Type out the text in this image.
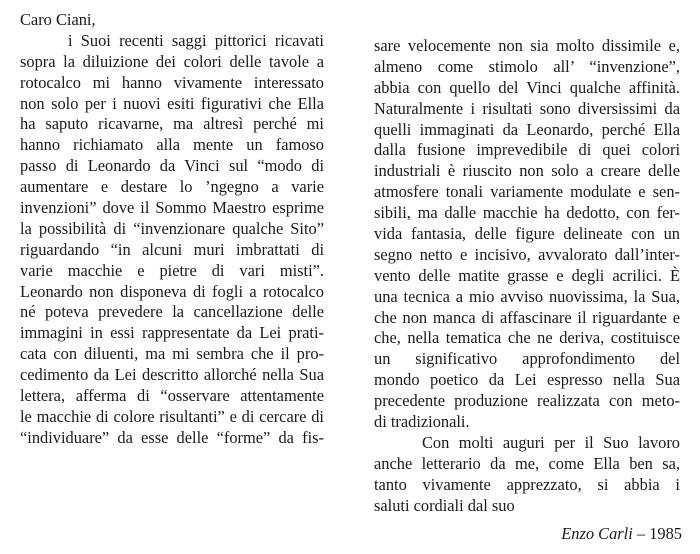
Caro Ciani,
i Suoi recenti saggi pittorici ricavati
sopra la diluizione dei colori delle tavole a
rotocalco mi hanno vivamente interessato
non solo per i nuovi esiti figurativi che Ella
ha saputo ricavarne, ma altresì perché mi
hanno richiamato alla mente un famoso
passo di Leonardo da Vinci sul “modo di
aumentare e destare lo ’ngegno a varie
invenzioni” dove il Sommo Maestro esprime
la possibilità di “invenzionare qualche Sito”
riguardando “in alcuni muri imbrattati di
varie macchie e pietre di vari misti”.
Leonardo non disponeva di fogli a rotocalco
né poteva prevedere la cancellazione delle
immagini in essi rappresentate da Lei prati-
cata con diluenti, ma mi sembra che il pro-
cedimento da Lei descritto allorché nella Sua
lettera, afferma di “osservare attentamente
le macchie di colore risultanti” e di cercare di
“individuare” da esse delle “forme” da fis-
sare velocemente non sia molto dissimile e,
almeno come stimolo all’ “invenzione”,
abbia con quello del Vinci qualche affinità.
Naturalmente i risultati sono diversissimi da
quelli immaginati da Leonardo, perché Ella
dalla fusione imprevedibile di quei colori
industriali è riuscito non solo a creare delle
atmosfere tonali variamente modulate e sen-
sibili, ma dalle macchie ha dedotto, con fer-
vida fantasia, delle figure delineate con un
segno netto e incisivo, avvalorato dall’inter-
vento delle matite grasse e degli acrilici. È
una tecnica a mio avviso nuovissima, la Sua,
che non manca di affascinare il riguardante e
che, nella tematica che ne deriva, costituisce
un significativo approfondimento del
mondo poetico da Lei espresso nella Sua
precedente produzione realizzata con meto-
di tradizionali.
Con molti auguri per il Suo lavoro
anche letterario da me, come Ella ben sa,
tanto vivamente apprezzato, si abbia i
saluti cordiali dal suo
Enzo Carli – 1985
